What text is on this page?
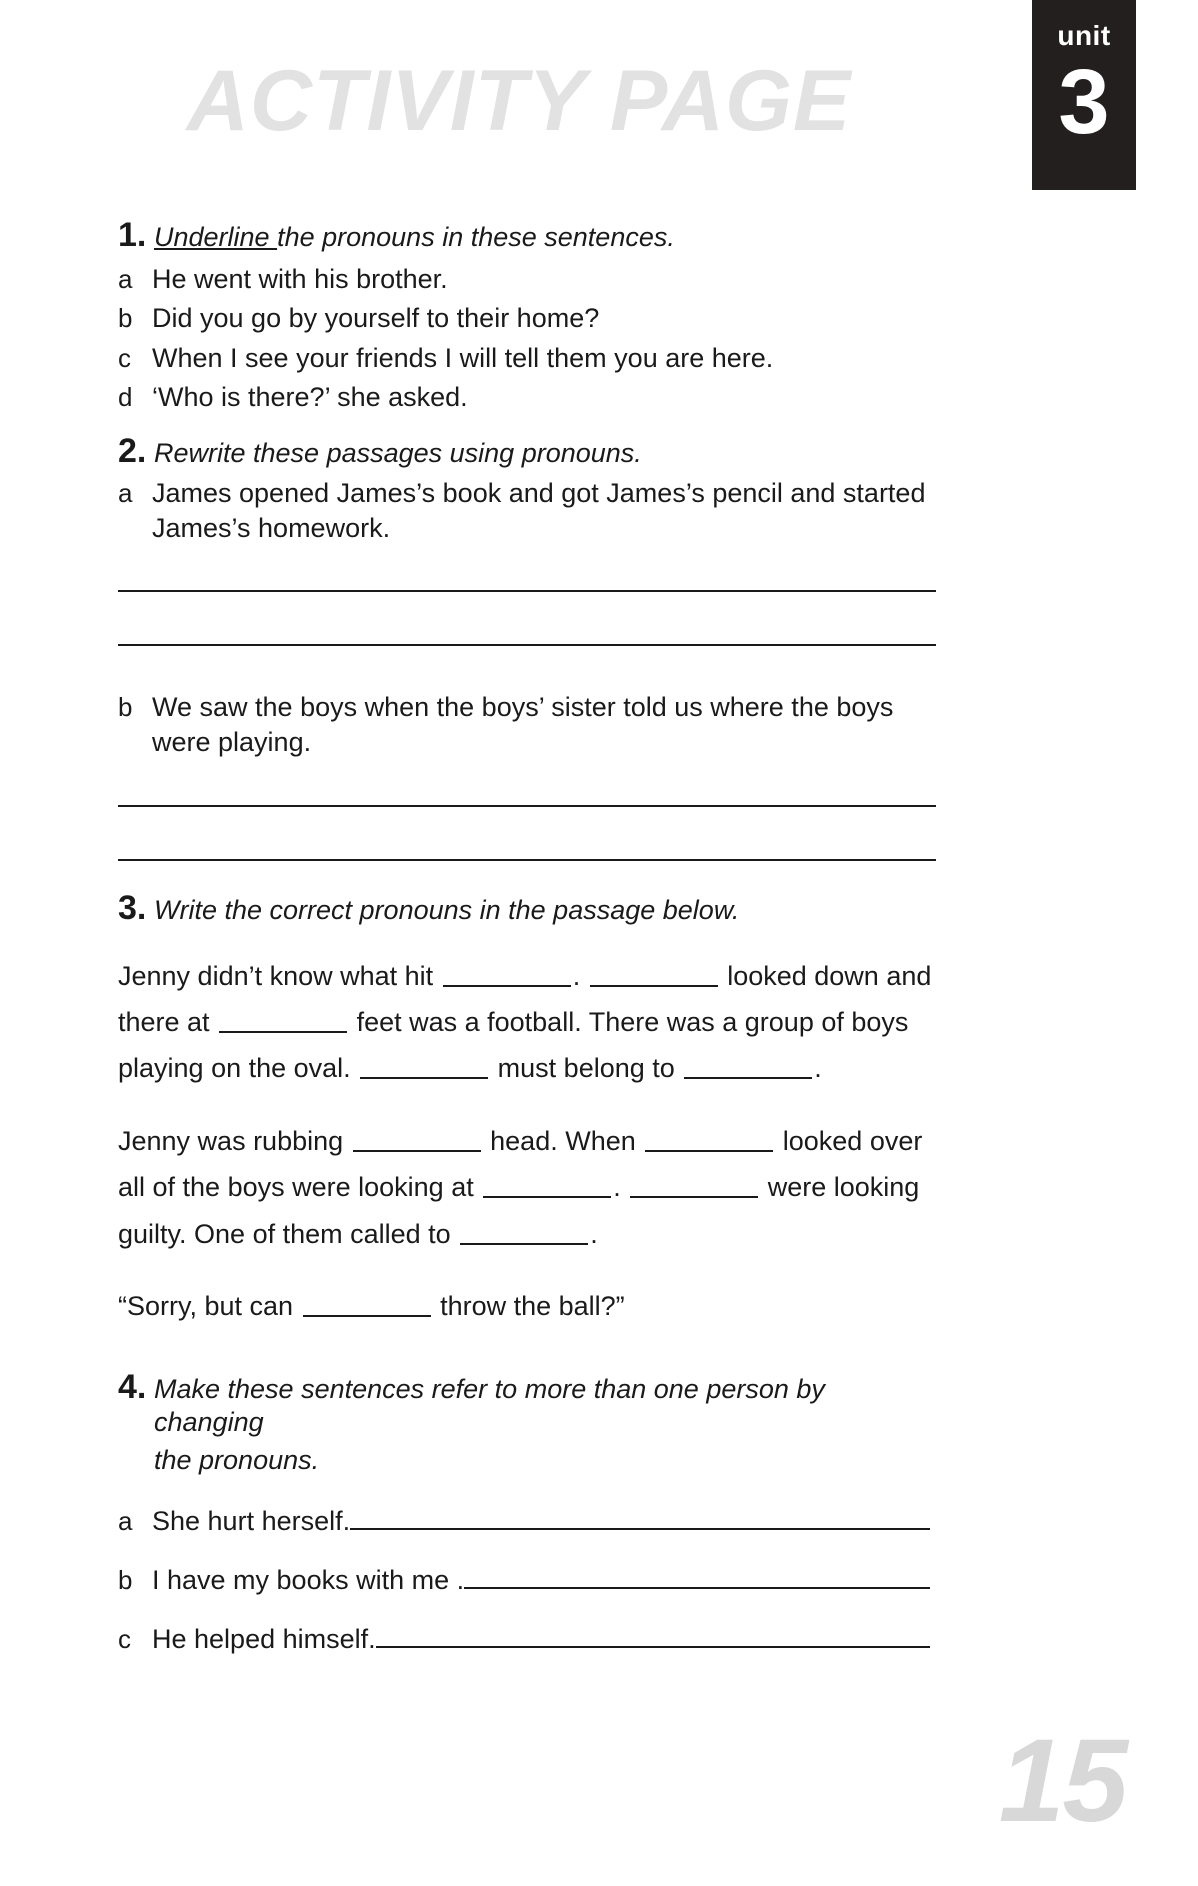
ACTIVITY PAGE
unit
3
1. Underline the pronouns in these sentences.
a He went with his brother.
b Did you go by yourself to their home?
c When I see your friends I will tell them you are here.
d ‘Who is there?’ she asked.
2. Rewrite these passages using pronouns.
a James opened James’s book and got James’s pencil and started James’s homework.
b We saw the boys when the boys’ sister told us where the boys were playing.
3. Write the correct pronouns in the passage below.

Jenny didn’t know what hit	.	looked down and there at	feet was a football. There was a group of boys playing on the oval.	must belong to	.

Jenny was rubbing	head. When	looked over all of the boys were looking at	.	were looking guilty. One of them called to	.

“Sorry, but can	throw the ball?”

4. Make these sentences refer to more than one person by changing
the pronouns.
a She hurt herself.
b I have my books with me .
c He helped himself.
15
